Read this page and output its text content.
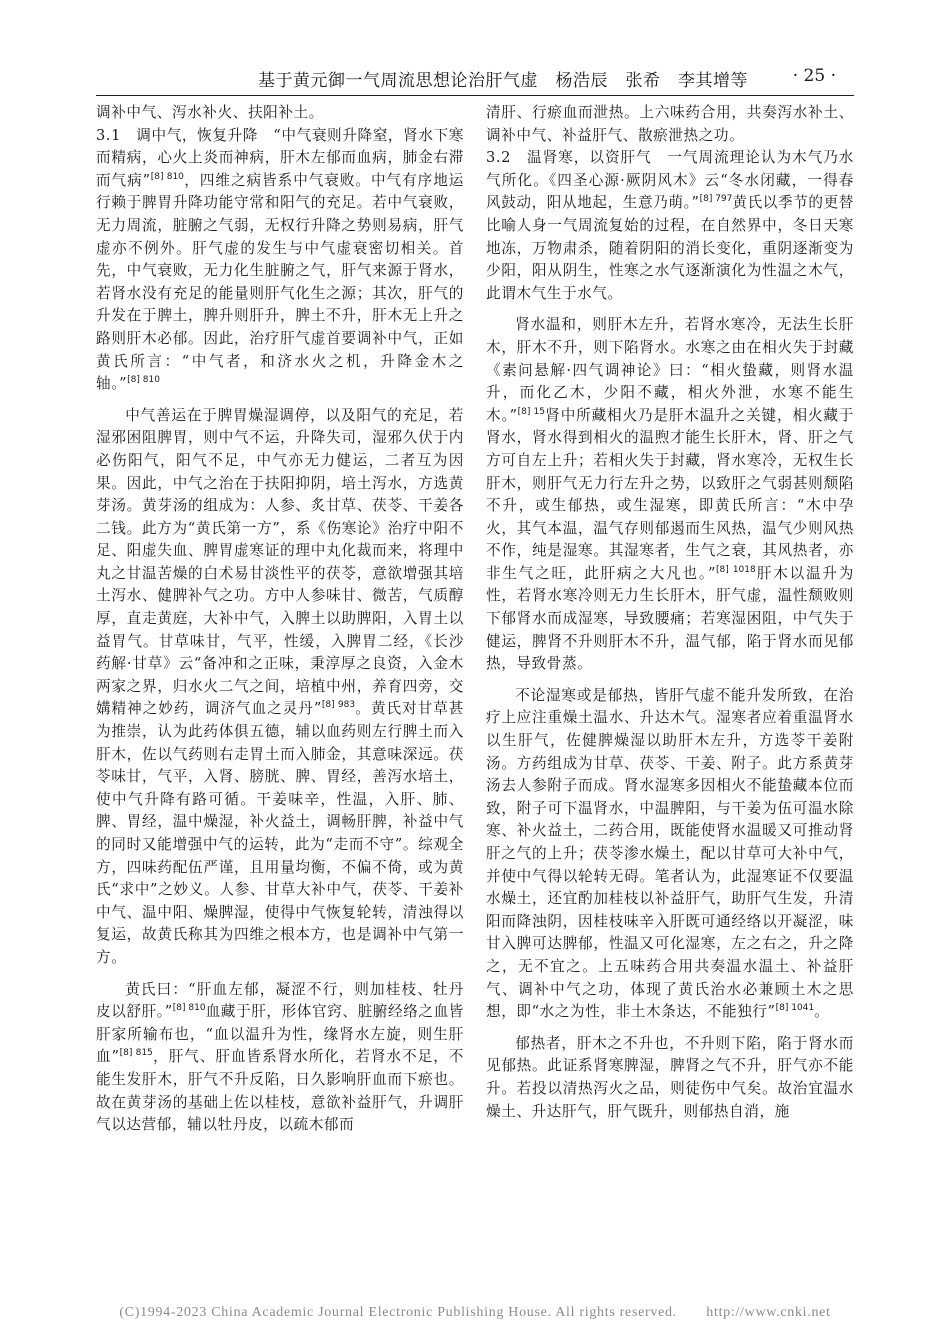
基于黄元御一气周流思想论治肝气虚　杨浩辰　张希　李其增等	· 25 ·

调补中气、泻水补火、扶阳补土。

3.1　调中气，恢复升降　 “中气衰则升降窒，肾水下寒而精病，心火上炎而神病，肝木左郁而血病，肺金右滞而气病”$^{[8] 810}$，四维之病皆系中气衰败。中气有序地运行赖于脾胃升降功能守常和阳气的充足。若中气衰败，无力周流，脏腑之气弱，无权行升降之势则易病，肝气虚亦不例外。肝气虚的发生与中气虚衰密切相关。首先，中气衰败，无力化生脏腑之气，肝气来源于肾水，若肾水没有充足的能量则肝气化生之源；其次，肝气的升发在于脾土，脾升则肝升，脾土不升，肝木无上升之路则肝木必郁。因此，治疗肝气虚首要调补中气，正如黄氏所言：“中气者，和济水火之机，升降金木之轴。”$^{[8] 810}$

中气善运在于脾胃燥湿调停，以及阳气的充足，若湿邪困阻脾胃，则中气不运，升降失司，湿邪久伏于内必伤阳气，阳气不足，中气亦无力健运，二者互为因果。因此，中气之治在于扶阳抑阴，培土泻水，方选黄芽汤。黄芽汤的组成为：人参、炙甘草、茯苓、干姜各二钱。此方为“黄氏第一方”，系《伤寒论》治疗中阳不足、阳虚失血、脾胃虚寒证的理中丸化裁而来，将理中丸之甘温苦燥的白术易甘淡性平的茯苓，意欲增强其培土泻水、健脾补气之功。方中人参味甘、微苦，气质醇厚，直走黄庭，大补中气，入脾土以助脾阳，入胃土以益胃气。甘草味甘，气平，性缓，入脾胃二经，《长沙药解·甘草》云“备冲和之正味，秉淳厚之良资，入金木两家之界，归水火二气之间，培植中州，养育四旁，交媾精神之妙药，调济气血之灵丹”$^{[8] 983}$。黄氏对甘草甚为推崇，认为此药体俱五德，辅以血药则左行脾土而入肝木，佐以气药则右走胃土而入肺金，其意味深远。茯苓味甘，气平，入肾、膀胱、脾、胃经，善泻水培土，使中气升降有路可循。干姜味辛，性温，入肝、肺、脾、胃经，温中燥湿，补火益土，调畅肝脾，补益中气的同时又能增强中气的运转，此为“走而不守”。综观全方，四味药配伍严谨，且用量均衡，不偏不倚，或为黄氏“求中”之妙义。人参、甘草大补中气，茯苓、干姜补中气、温中阳、燥脾湿，使得中气恢复轮转，清浊得以复运，故黄氏称其为四维之根本方，也是调补中气第一方。

黄氏曰：“肝血左郁，凝涩不行，则加桂枝、牡丹皮以舒肝。”$^{[8] 810}$血藏于肝，形体官窍、脏腑经络之血皆肝家所输布也，“血以温升为性，缘肾水左旋，则生肝血”$^{[8] 815}$，肝气、肝血皆系肾水所化，若肾水不足，不能生发肝木，肝气不升反陷，日久影响肝血而下瘀也。故在黄芽汤的基础上佐以桂枝，意欲补益肝气，升调肝气以达营郁，辅以牡丹皮，以疏木郁而

清肝、行瘀血而泄热。上六味药合用，共奏泻水补土、调补中气、补益肝气、散瘀泄热之功。

3.2　温肾寒，以资肝气　 一气周流理论认为木气乃水气所化。《四圣心源·厥阴风木》云“冬水闭藏，一得春风鼓动，阳从地起，生意乃萌。”$^{[8] 797}$黄氏以季节的更替比喻人身一气周流复始的过程，在自然界中，冬日天寒地冻，万物肃杀，随着阴阳的消长变化，重阴逐渐变为少阳，阳从阴生，性寒之水气逐渐演化为性温之木气，此谓木气生于水气。

肾水温和，则肝木左升，若肾水寒冷，无法生长肝木，肝木不升，则下陷肾水。水寒之由在相火失于封藏《素问悬解·四气调神论》曰：“相火蛰藏，则肾水温升，而化乙木，少阳不藏，相火外泄，水寒不能生木。”$^{[8] 15}$肾中所藏相火乃是肝木温升之关键，相火藏于肾水，肾水得到相火的温煦才能生长肝木，肾、肝之气方可自左上升；若相火失于封藏，肾水寒冷，无权生长肝木，则肝气无力行左升之势，以致肝之气弱甚则颓陷不升，或生郁热，或生湿寒，即黄氏所言：“木中孕火，其气本温，温气存则郁遏而生风热，温气少则风热不作，纯是湿寒。其湿寒者，生气之衰，其风热者，亦非生气之旺，此肝病之大凡也。”$^{[8] 1018}$肝木以温升为性，若肾水寒冷则无力生长肝木，肝气虚，温性颓败则下郁肾水而成湿寒，导致腰痛；若寒湿困阻，中气失于健运，脾肾不升则肝木不升，温气郁，陷于肾水而见郁热，导致骨蒸。

不论湿寒或是郁热，皆肝气虚不能升发所致，在治疗上应注重燥土温水、升达木气。湿寒者应着重温肾水以生肝气，佐健脾燥湿以助肝木左升，方选苓干姜附汤。方药组成为甘草、茯苓、干姜、附子。此方系黄芽汤去人参附子而成。肾水湿寒多因相火不能蛰藏本位而致，附子可下温肾水，中温脾阳，与干姜为伍可温水除寒、补火益土，二药合用，既能使肾水温暖又可推动肾肝之气的上升；茯苓渗水燥土，配以甘草可大补中气，并使中气得以轮转无碍。笔者认为，此湿寒证不仅要温水燥土，还宜酌加桂枝以补益肝气，助肝气生发，升清阳而降浊阴，因桂枝味辛入肝既可通经络以开凝涩，味甘入脾可达脾郁，性温又可化湿寒，左之右之，升之降之，无不宜之。上五味药合用共奏温水温土、补益肝气、调补中气之功，体现了黄氏治水必兼顾土木之思想，即“水之为性，非土木条达，不能独行”$^{[8] 1041}$。

郁热者，肝木之不升也，不升则下陷，陷于肾水而见郁热。此证系肾寒脾湿，脾肾之气不升，肝气亦不能升。若投以清热泻火之品，则徒伤中气矣。故治宜温水燥土、升达肝气，肝气既升，则郁热自消，施

(C)1994-2023 China Academic Journal Electronic Publishing House. All rights reserved.　　http://www.cnki.net
